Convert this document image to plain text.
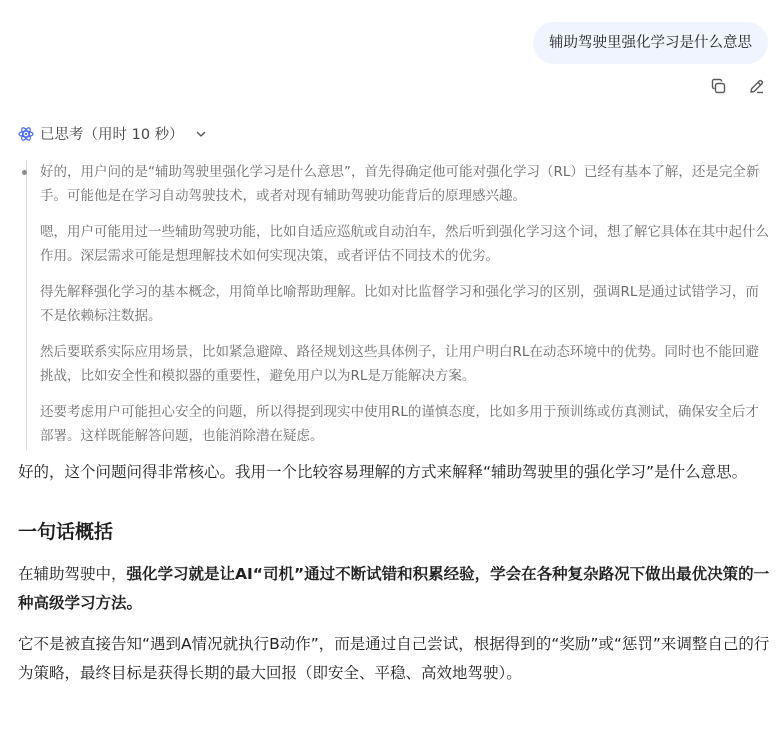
辅助驾驶里强化学习是什么意思
已思考（用时 10 秒）

好的，用户问的是“辅助驾驶里强化学习是什么意思”，首先得确定他可能对强化学习（RL）已经有基本了解，还是完全新手。可能他是在学习自动驾驶技术，或者对现有辅助驾驶功能背后的原理感兴趣。

嗯，用户可能用过一些辅助驾驶功能，比如自适应巡航或自动泊车，然后听到强化学习这个词，想了解它具体在其中起什么作用。深层需求可能是想理解技术如何实现决策，或者评估不同技术的优劣。

得先解释强化学习的基本概念，用简单比喻帮助理解。比如对比监督学习和强化学习的区别，强调RL是通过试错学习，而不是依赖标注数据。

然后要联系实际应用场景，比如紧急避障、路径规划这些具体例子，让用户明白RL在动态环境中的优势。同时也不能回避挑战，比如安全性和模拟器的重要性，避免用户以为RL是万能解决方案。

还要考虑用户可能担心安全的问题，所以得提到现实中使用RL的谨慎态度，比如多用于预训练或仿真测试，确保安全后才部署。这样既能解答问题，也能消除潜在疑虑。

好的，这个问题问得非常核心。我用一个比较容易理解的方式来解释“辅助驾驶里的强化学习”是什么意思。

一句话概括

在辅助驾驶中，强化学习就是让AI“司机”通过不断试错和积累经验，学会在各种复杂路况下做出最优决策的一种高级学习方法。

它不是被直接告知“遇到A情况就执行B动作”，而是通过自己尝试，根据得到的“奖励”或“惩罚”来调整自己的行为策略，最终目标是获得长期的最大回报（即安全、平稳、高效地驾驶）。
